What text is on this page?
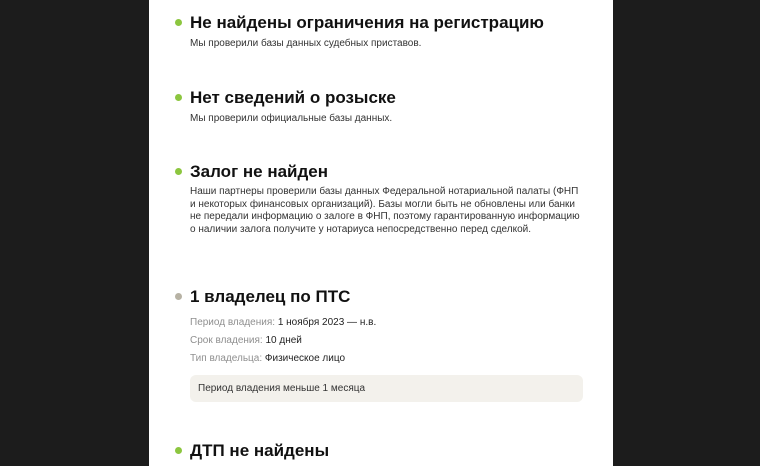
Не найдены ограничения на регистрацию
Мы проверили базы данных судебных приставов.
Нет сведений о розыске
Мы проверили официальные базы данных.
Залог не найден
Наши партнеры проверили базы данных Федеральной нотариальной палаты (ФНП и некоторых финансовых организаций). Базы могли быть не обновлены или банки не передали информацию о залоге в ФНП, поэтому гарантированную информацию о наличии залога получите у нотариуса непосредственно перед сделкой.
1 владелец по ПТС
Период владения: 1 ноября 2023 — н.в.
Срок владения: 10 дней
Тип владельца: Физическое лицо
Период владения меньше 1 месяца
ДТП не найдены
